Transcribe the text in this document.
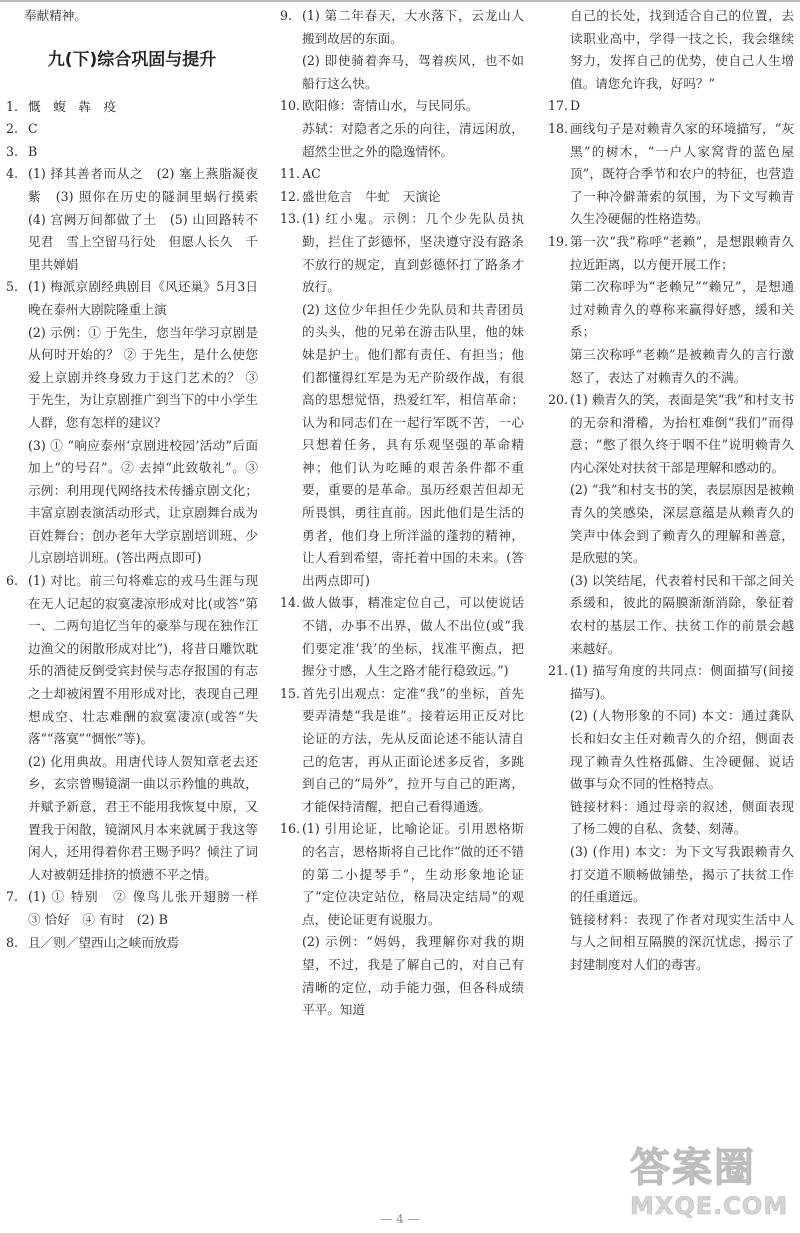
奉献精神。
九(下)综合巩固与提升
1. 慨　蝮　犇　疫

2. C

3. B

4. (1) 择其善者而从之　(2) 塞上燕脂凝夜紫　(3) 照你在历史的隧洞里蜗行摸索　(4) 宫阙万间都做了土　(5) 山回路转不见君　雪上空留马行处　但愿人长久　千里共婵娟

5. (1) 梅派京剧经典剧目《风还巢》5月3日晚在泰州大剧院隆重上演

(2) 示例：① 于先生，您当年学习京剧是从何时开始的？ ② 于先生，是什么使您爱上京剧并终身致力于这门艺术的？ ③ 于先生，为让京剧推广到当下的中小学生人群，您有怎样的建议？

(3) ① “响应泰州‘京剧进校园’活动”后面加上“的号召”。② 去掉“此致敬礼”。③ 示例：利用现代网络技术传播京剧文化；丰富京剧表演活动形式，让京剧舞台成为百姓舞台；创办老年大学京剧培训班、少儿京剧培训班。(答出两点即可)

6. (1) 对比。前三句将难忘的戎马生涯与现在无人记起的寂寞凄凉形成对比(或答“第一、二两句追忆当年的豪举与现在独作江边渔父的闲散形成对比”)，将昔日雕饮耽乐的酒徒反倒受宾封侯与志存报国的有志之士却被闲置不用形成对比，表现自己理想成空、壮志难酬的寂寞凄凉(或答“失落”“落寞”“惆怅”等)。

(2) 化用典故。用唐代诗人贺知章老去还乡，玄宗曾赐镜湖一曲以示矜恤的典故，并赋予新意，君王不能用我恢复中原，又置我于闲散，镜湖风月本来就属于我这等闲人，还用得着你君王赐予吗？倾注了词人对被朝廷排挤的愤懑不平之情。

7. (1) ① 特别　② 像鸟儿张开翅膀一样　③ 恰好　④ 有时　(2) B

8. 且／则／望西山之峡而放焉

9. (1) 第二年春天，大水落下，云龙山人搬到故居的东面。

(2) 即使骑着奔马，驾着疾风，也不如船行这么快。

10. 欧阳修：寄情山水，与民同乐。

苏轼：对隐者之乐的向往，清远闲放，超然尘世之外的隐逸情怀。

11. AC

12. 盛世危言　牛虻　天演论

13. (1) 红小鬼。示例：几个少先队员执勤，拦住了彭德怀，坚决遵守没有路条不放行的规定，直到彭德怀打了路条才放行。

(2) 这位少年担任少先队员和共青团员的头头，他的兄弟在游击队里，他的妹妹是护士。他们都有责任、有担当；他们都懂得红军是为无产阶级作战，有很高的思想觉悟，热爱红军，相信革命；认为和同志们在一起行军既不苦，一心只想着任务，具有乐观坚强的革命精神；他们认为吃睡的艰苦条件都不重要，重要的是革命。虽历经艰苦但却无所畏惧，勇往直前。因此他们是生活的勇者，他们身上所洋溢的蓬勃的精神，让人看到希望，寄托着中国的未来。(答出两点即可)

14. 做人做事，精准定位自己，可以使说话不错，办事不出界，做人不出位(或“我们要定准‘我’的坐标，找准平衡点，把握分寸感，人生之路才能行稳致远。”)

15. 首先引出观点：定准“我”的坐标，首先要弄清楚“我是谁”。接着运用正反对比论证的方法，先从反面论述不能认清自己的危害，再从正面论述多反省，多跳到自己的“局外”，拉开与自己的距离，才能保持清醒，把自己看得通透。

16. (1) 引用论证，比喻论证。引用恩格斯的名言，恩格斯将自己比作“做的还不错的第二小提琴手”，生动形象地论证了“定位决定站位，格局决定结局”的观点，使论证更有说服力。

(2) 示例：“妈妈，我理解你对我的期望，不过，我是了解自己的，对自己有清晰的定位，动手能力强，但各科成绩平平。知道

自己的长处，找到适合自己的位置，去读职业高中，学得一技之长，我会继续努力，发挥自己的优势，使自己人生增值。请您允许我，好吗？”

17. D

18. 画线句子是对赖青久家的环境描写，“灰黑”的树木，“一户人家窝背的蓝色屋顶”，既符合季节和农户的特征，也营造了一种冷僻萧索的氛围，为下文写赖青久生冷硬倔的性格造势。

19. 第一次“我”称呼“老赖”，是想跟赖青久拉近距离，以方便开展工作；

第二次称呼为“老赖兄”“赖兄”，是想通过对赖青久的尊称来赢得好感，缓和关系；

第三次称呼“老赖”是被赖青久的言行激怒了，表达了对赖青久的不满。

20. (1) 赖青久的笑，表面是笑“我”和村支书的无奈和滑稽，为抬杠难倒“我们”而得意；“憋了很久终于咽不住”说明赖青久内心深处对扶贫干部是理解和感动的。

(2) “我”和村支书的笑，表层原因是被赖青久的笑感染，深层意蕴是从赖青久的笑声中体会到了赖青久的理解和善意，是欣慰的笑。

(3) 以笑结尾，代表着村民和干部之间关系缓和，彼此的隔膜渐渐消除，象征着农村的基层工作、扶贫工作的前景会越来越好。

21. (1) 描写角度的共同点：侧面描写(间接描写)。

(2) (人物形象的不同) 本文：通过龚队长和妇女主任对赖青久的介绍，侧面表现了赖青久性格孤僻、生冷硬倔、说话做事与众不同的性格特点。

链接材料：通过母亲的叙述，侧面表现了杨二嫂的自私、贪婪、刻薄。

(3) (作用) 本文：为下文写我跟赖青久打交道不顺畅做铺垫，揭示了扶贫工作的任重道远。

链接材料：表现了作者对现实生活中人与人之间相互隔膜的深沉忧虑，揭示了封建制度对人们的毒害。

— 4 —
答案圈
MXQE.COM
